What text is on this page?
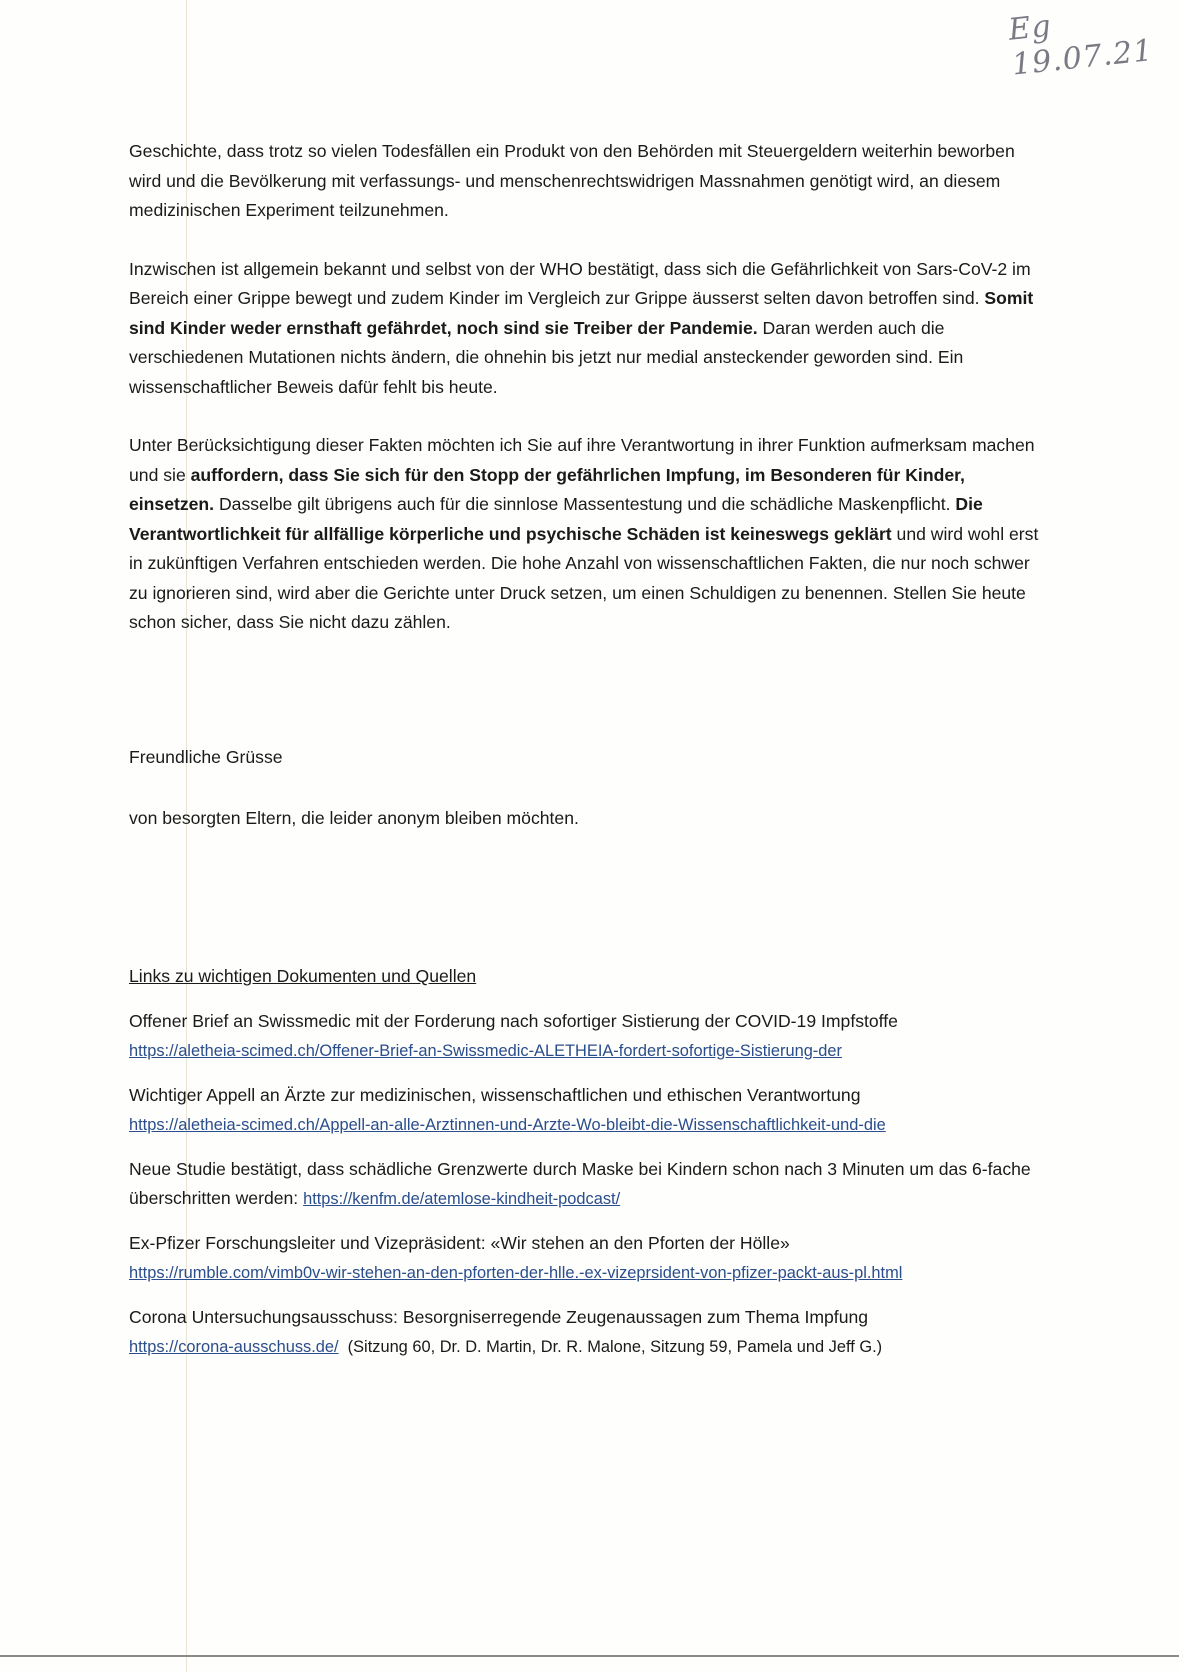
Eg 19.07.21

Geschichte, dass trotz so vielen Todesfällen ein Produkt von den Behörden mit Steuergeldern weiterhin beworben wird und die Bevölkerung mit verfassungs- und menschenrechtswidrigen Massnahmen genötigt wird, an diesem medizinischen Experiment teilzunehmen.

Inzwischen ist allgemein bekannt und selbst von der WHO bestätigt, dass sich die Gefährlichkeit von Sars-CoV-2 im Bereich einer Grippe bewegt und zudem Kinder im Vergleich zur Grippe äusserst selten davon betroffen sind. Somit sind Kinder weder ernsthaft gefährdet, noch sind sie Treiber der Pandemie. Daran werden auch die verschiedenen Mutationen nichts ändern, die ohnehin bis jetzt nur medial ansteckender geworden sind. Ein wissenschaftlicher Beweis dafür fehlt bis heute.

Unter Berücksichtigung dieser Fakten möchten ich Sie auf ihre Verantwortung in ihrer Funktion aufmerksam machen und sie auffordern, dass Sie sich für den Stopp der gefährlichen Impfung, im Besonderen für Kinder, einsetzen. Dasselbe gilt übrigens auch für die sinnlose Massentestung und die schädliche Maskenpflicht. Die Verantwortlichkeit für allfällige körperliche und psychische Schäden ist keineswegs geklärt und wird wohl erst in zukünftigen Verfahren entschieden werden. Die hohe Anzahl von wissenschaftlichen Fakten, die nur noch schwer zu ignorieren sind, wird aber die Gerichte unter Druck setzen, um einen Schuldigen zu benennen. Stellen Sie heute schon sicher, dass Sie nicht dazu zählen.

Freundliche Grüsse
von besorgten Eltern, die leider anonym bleiben möchten.
Links zu wichtigen Dokumenten und Quellen
Offener Brief an Swissmedic mit der Forderung nach sofortiger Sistierung der COVID-19 Impfstoffe
https://aletheia-scimed.ch/Offener-Brief-an-Swissmedic-ALETHEIA-fordert-sofortige-Sistierung-der
Wichtiger Appell an Ärzte zur medizinischen, wissenschaftlichen und ethischen Verantwortung
https://aletheia-scimed.ch/Appell-an-alle-Arztinnen-und-Arzte-Wo-bleibt-die-Wissenschaftlichkeit-und-die
Neue Studie bestätigt, dass schädliche Grenzwerte durch Maske bei Kindern schon nach 3 Minuten um das 6-fache überschritten werden: https://kenfm.de/atemlose-kindheit-podcast/
Ex-Pfizer Forschungsleiter und Vizepräsident: «Wir stehen an den Pforten der Hölle»
https://rumble.com/vimb0v-wir-stehen-an-den-pforten-der-hlle.-ex-vizeprsident-von-pfizer-packt-aus-pl.html
Corona Untersuchungsausschuss: Besorgniserregende Zeugenaussagen zum Thema Impfung
https://corona-ausschuss.de/  (Sitzung 60, Dr. D. Martin, Dr. R. Malone, Sitzung 59, Pamela und Jeff G.)
